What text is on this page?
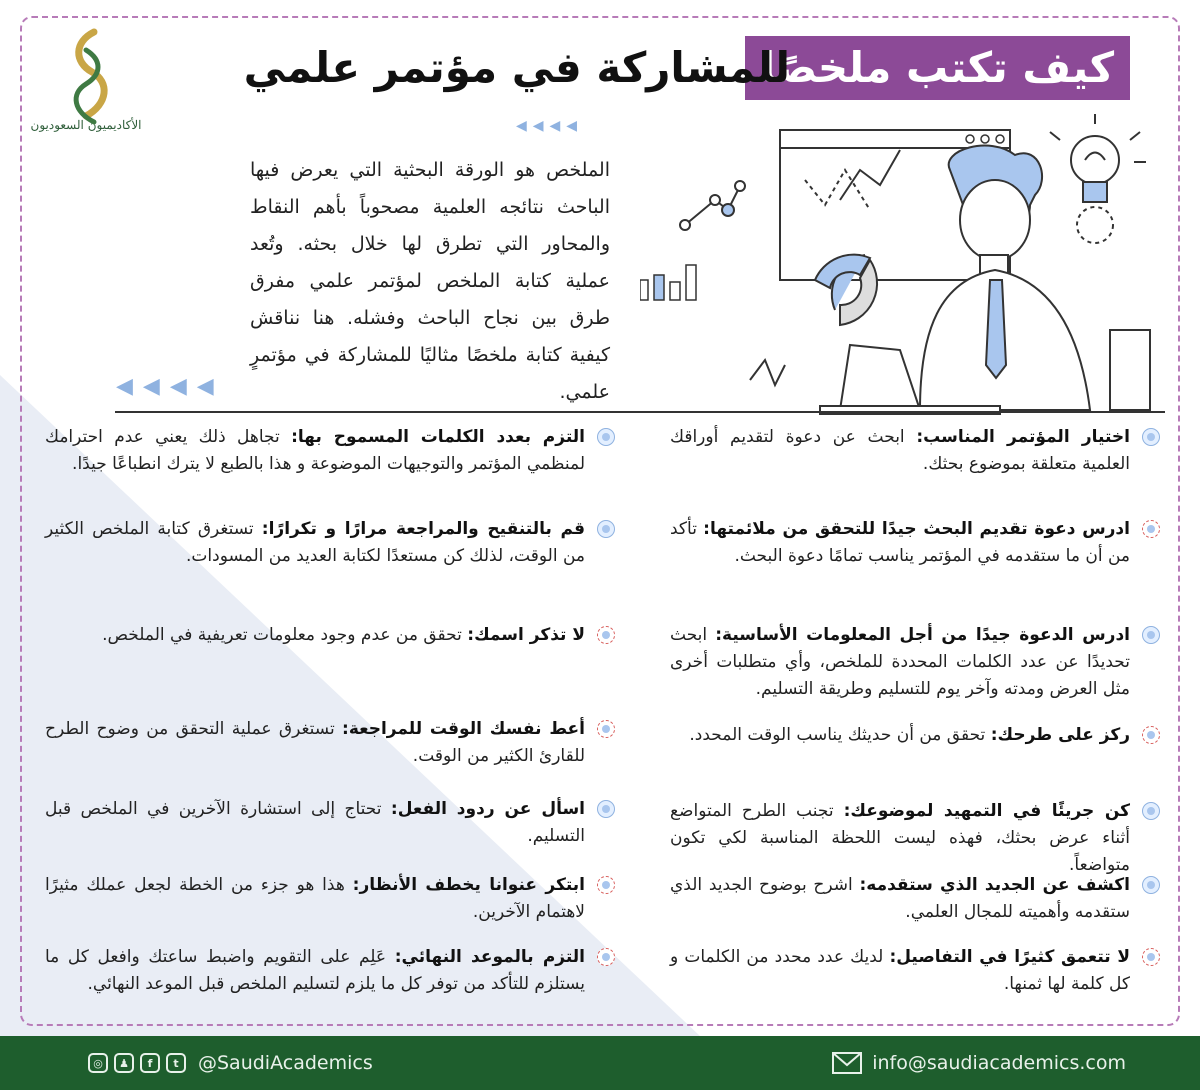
الأكاديميون السعوديون
كيف تكتب ملخصًا
للمشاركة في مؤتمر علمي
◀◀◀◀
الملخص هو الورقة البحثية التي يعرض فيها الباحث نتائجه العلمية مصحوباً بأهم النقاط والمحاور التي تطرق لها خلال بحثه. وتُعد عملية كتابة الملخص لمؤتمر علمي مفرق طرق بين نجاح الباحث وفشله. هنا نناقش كيفية كتابة ملخصًا مثاليًا للمشاركة في مؤتمرٍ علمي.
◀◀◀◀
اختيار المؤتمر المناسب: ابحث عن دعوة لتقديم أوراقك العلمية متعلقة بموضوع بحثك.
ادرس دعوة تقديم البحث جيدًا للتحقق من ملائمتها: تأكد من أن ما ستقدمه في المؤتمر يناسب تمامًا دعوة البحث.
ادرس الدعوة جيدًا من أجل المعلومات الأساسية: ابحث تحديدًا عن عدد الكلمات المحددة للملخص، وأي متطلبات أخرى مثل العرض ومدته وآخر يوم للتسليم وطريقة التسليم.
ركز على طرحك: تحقق من أن حديثك يناسب الوقت المحدد.
كن جريئًا في التمهيد لموضوعك: تجنب الطرح المتواضع أثناء عرض بحثك، فهذه ليست اللحظة المناسبة لكي تكون متواضعاً.
اكشف عن الجديد الذي ستقدمه: اشرح بوضوح الجديد الذي ستقدمه وأهميته للمجال العلمي.
لا تتعمق كثيرًا في التفاصيل: لديك عدد محدد من الكلمات و كل كلمة لها ثمنها.
التزم بعدد الكلمات المسموح بها: تجاهل ذلك يعني عدم احترامك لمنظمي المؤتمر والتوجيهات الموضوعة و هذا بالطبع لا يترك انطباعًا جيدًا.
قم بالتنقيح والمراجعة مرارًا و تكرارًا: تستغرق كتابة الملخص الكثير من الوقت، لذلك كن مستعدًا لكتابة العديد من المسودات.
لا تذكر اسمك: تحقق من عدم وجود معلومات تعريفية في الملخص.
أعط نفسك الوقت للمراجعة: تستغرق عملية التحقق من وضوح الطرح للقارئ الكثير من الوقت.
اسأل عن ردود الفعل: تحتاج إلى استشارة الآخرين في الملخص قبل التسليم.
ابتكر عنوانا يخطف الأنظار: هذا هو جزء من الخطة لجعل عملك مثيرًا لاهتمام الآخرين.
التزم بالموعد النهائي: عَلِم على التقويم واضبط ساعتك وافعل كل ما يستلزم للتأكد من توفر كل ما يلزم لتسليم الملخص قبل الموعد النهائي.
◎	♟	f	t	@SaudiAcademics	info@saudiacademics.com
